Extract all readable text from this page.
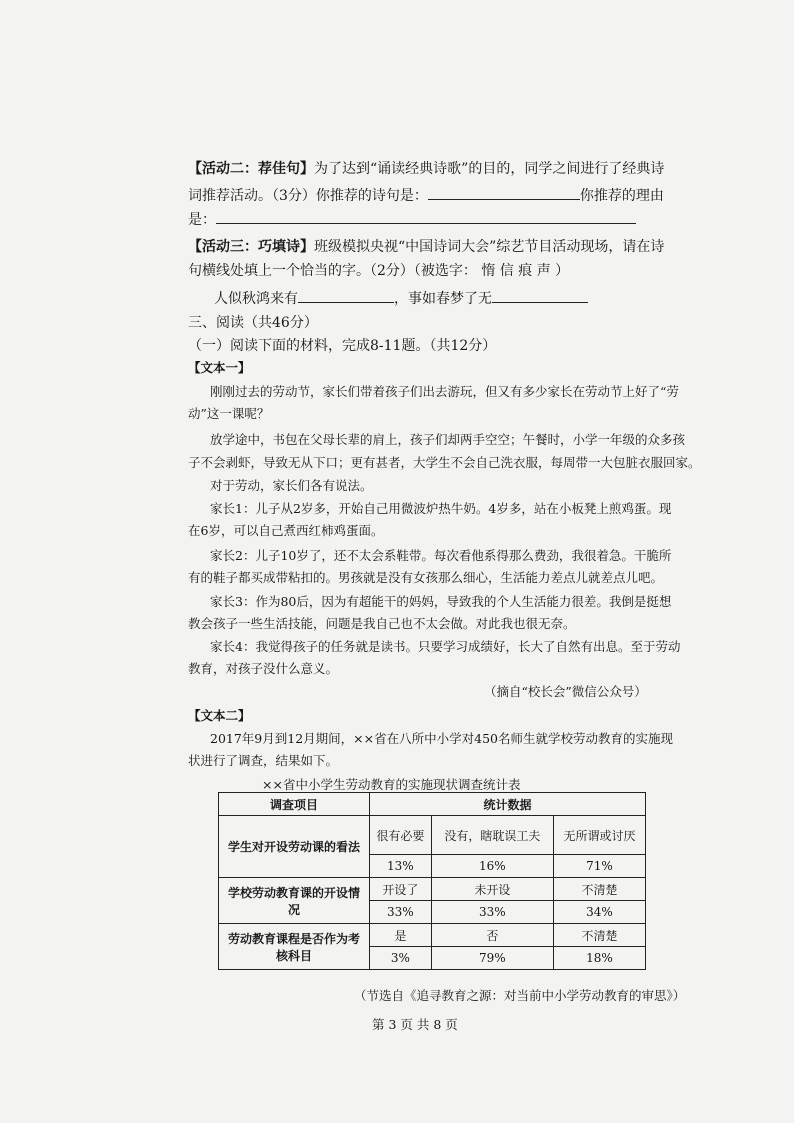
【活动二：荐佳句】为了达到“诵读经典诗歌”的目的，同学之间进行了经典诗
词推荐活动。（3分）你推荐的诗句是：	你推荐的理由
是：
【活动三：巧填诗】班级模拟央视“中国诗词大会”综艺节目活动现场，请在诗
句横线处填上一个恰当的字。（2分）（被选字： 惰 信 痕 声 ）
人似秋鸿来有	，事如春梦了无
三、阅读（共46分）
（一）阅读下面的材料，完成8-11题。（共12分）
【文本一】
刚刚过去的劳动节，家长们带着孩子们出去游玩，但又有多少家长在劳动节上好了“劳
动”这一课呢？
放学途中，书包在父母长辈的肩上，孩子们却两手空空；午餐时，小学一年级的众多孩
子不会剥虾，导致无从下口；更有甚者，大学生不会自己洗衣服，每周带一大包脏衣服回家。
对于劳动，家长们各有说法。
家长1：儿子从2岁多，开始自己用微波炉热牛奶。4岁多，站在小板凳上煎鸡蛋。现
在6岁，可以自己煮西红柿鸡蛋面。
家长2：儿子10岁了，还不太会系鞋带。每次看他系得那么费劲，我很着急。干脆所
有的鞋子都买成带粘扣的。男孩就是没有女孩那么细心，生活能力差点儿就差点儿吧。
家长3：作为80后，因为有超能干的妈妈，导致我的个人生活能力很差。我倒是挺想
教会孩子一些生活技能，问题是我自己也不太会做。对此我也很无奈。
家长4：我觉得孩子的任务就是读书。只要学习成绩好，长大了自然有出息。至于劳动
教育，对孩子没什么意义。
（摘自“校长会”微信公众号）
【文本二】
2017年9月到12月期间，××省在八所中小学对450名师生就学校劳动教育的实施现
状进行了调查，结果如下。
××省中小学生劳动教育的实施现状调查统计表
调查项目	统计数据		
学生对开设劳动课的看法	很有必要	没有，瞎耽误工夫	无所谓或讨厌
	13%	16%	71%
学校劳动教育课的开设情
况	开设了	未开设	不清楚
	33%	33%	34%
劳动教育课程是否作为考
核科目	是	否	不清楚
	3%	79%	18%
（节选自《追寻教育之源：对当前中小学劳动教育的审思》）
第 3 页 共 8 页
